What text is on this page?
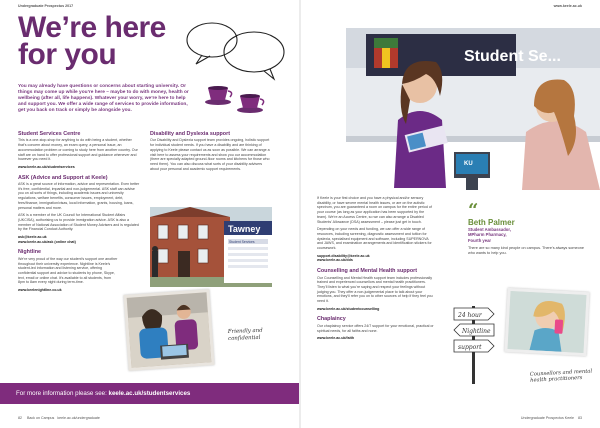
Undergraduate Prospectus 2017	www.keele.ac.uk
We’re here
for you
You may already have questions or concerns about starting university. Or things may come up while you’re here – maybe to do with money, health or wellbeing (after all, life happens). Whatever your worry, we’re here to help and support you. We offer a wide range of services to provide information, get you back on track or simply be alongside you.
Student Services Centre

This is a one-stop-shop for anything to do with being a student, whether that’s concern about money, an exam query, a personal issue, an accommodation problem or coming to study here from another country. Our staff are on hand to offer professional support and guidance whenever and however you need it.

www.keele.ac.uk/studentservices
ASK (Advice and Support at Keele)

ASK is a great source of information, advice and representation. Even better it’s free, confidential, impartial and non-judgemental. ASK staff can advise you on all sorts of things, including academic issues and university regulations, welfare benefits, consumer issues, employment, debt, fees/finance, immigration/visas, local information, grants, housing, loans, personal matters and more.

ASK is a member of the UK Council for International Student Affairs (UKCISA), authorising us to provide immigration advice. ASK is also a member of National Association of Student Money Advisers and is regulated by the Financial Conduct Authority.

ask@keele.ac.uk
www.keele.ac.uk/ask (online chat)
Nightline

We’re very proud of the way our student’s support one another throughout their university experience. Nightline is Keele’s student-led information and listening service, offering confidential support and advice to students by phone, Skype, text, email or online chat. It’s available to all students, from 8pm to 8am every night during term-time.

www.keelenightline.co.uk
Disability and Dyslexia support

Our Disability and Dyslexia support team provides ongoing, holistic support for individual student needs. If you have a disability and are thinking of applying to Keele please contact us as soon as possible. We can arrange a visit here to assess your requirements and show you our accommodation (there are specially adapted ground-floor rooms and kitchens for those who need them). You can also discuss what sorts of your disability advisers about your personal and academic support requirements.

Tawney
Student Services
Friendly and confidential
For more information please see: keele.ac.uk/studentservices
82     Back on Campus   keele.ac.uk/undergraduate	Undergraduate Prospectus Keele    83
Student Se...
KU

If Keele is your first choice and you have a physical and/or sensory disability, or have severe mental health issues, or are on the autistic spectrum, you are guaranteed a room on campus for the entire period of your course (as long as your application has been supported by the team). We’re an Access Centre, so we can also arrange a Disabled Students’ Allowance (DSA) assessment – please just get in touch.

Depending on your needs and funding, we can offer a wide range of resources, including screening, diagnostic assessment and tuition for dyslexia, specialised equipment and software, including SUPERNOVA and JAWS, and examination arrangements and identification stickers for coursework.

support.disability@keele.ac.uk
www.keele.ac.uk/dds
Counselling and Mental Health support

Our Counselling and Mental Health support team includes professionally trained and experienced counsellors and mental health practitioners. They’ll listen to what you’re saying and respect your feelings without judging you. They offer a non-judgemental place to talk about your emotions, and they’ll refer you on to other sources of help if they feel you need it.

www.keele.ac.uk/studentcounselling
Chaplaincy

Our chaplaincy service offers 24/7 support for your emotional, practical or spiritual needs, for all faiths and none.

www.keele.ac.uk/faith
“
Beth Palmer
Student Ambassador,
MPharm Pharmacy,
Fourth year
There are so many kind people on campus. There’s always someone who wants to help you.
24 hour
Nightline
support
Counsellors and mental health practitioners
